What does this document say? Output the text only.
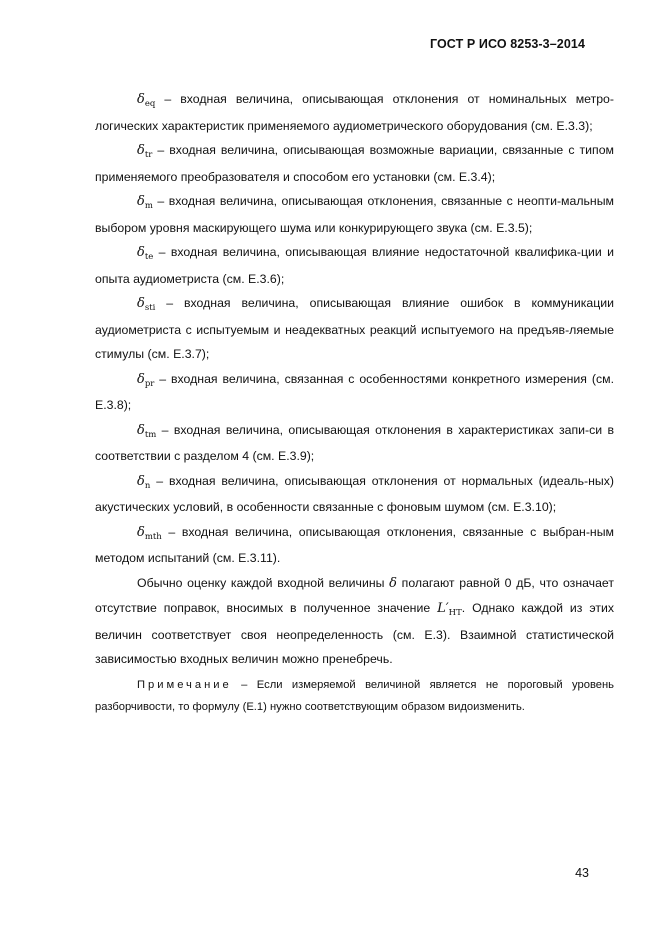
ГОСТ Р ИСО 8253-3–2014

$\delta_{eq}$ – входная величина, описывающая отклонения от номинальных метро-логических характеристик применяемого аудиометрического оборудования (см. Е.3.3);

$\delta_{tr}$ – входная величина, описывающая возможные вариации, связанные с типом применяемого преобразователя и способом его установки (см. Е.3.4);

$\delta_m$ – входная величина, описывающая отклонения, связанные с неопти-мальным выбором уровня маскирующего шума или конкурирующего звука (см. Е.3.5);

$\delta_{te}$ – входная величина, описывающая влияние недостаточной квалифика-ции и опыта аудиометриста (см. Е.3.6);

$\delta_{sti}$ – входная величина, описывающая влияние ошибок в коммуникации аудиометриста с испытуемым и неадекватных реакций испытуемого на предъяв-ляемые стимулы (см. Е.3.7);

$\delta_{pr}$ – входная величина, связанная с особенностями конкретного измерения (см. Е.3.8);

$\delta_{tm}$ – входная величина, описывающая отклонения в характеристиках запи-си в соответствии с разделом 4 (см. Е.3.9);

$\delta_n$ – входная величина, описывающая отклонения от нормальных (идеаль-ных) акустических условий, в особенности связанные с фоновым шумом (см. Е.3.10);

$\delta_{mth}$ – входная величина, описывающая отклонения, связанные с выбран-ным методом испытаний (см. Е.3.11).

Обычно оценку каждой входной величины δ полагают равной 0 дБ, что означает отсутствие поправок, вносимых в полученное значение $L'_{HT}$. Однако каждой из этих величин соответствует своя неопределенность (см. Е.3). Взаимной статистической зависимостью входных величин можно пренебречь.

Примечание – Если измеряемой величиной является не пороговый уровень разборчивости, то формулу (Е.1) нужно соответствующим образом видоизменить.

43
